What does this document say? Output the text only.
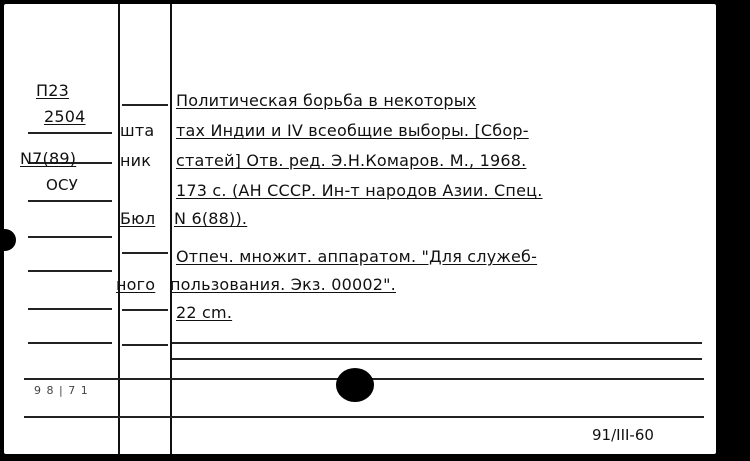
П23
2504
N7(89)
ОСУ
9 8 | 7 1
шта
ник
Бюл
ного
Политическая борьба в некоторых
тах Индии и IV всеобщие выборы. [Сбор-
статей] Отв. ред. Э.Н.Комаров. М., 1968.
173 с. (АН СССР. Ин-т народов Азии. Спец.
N 6(88)).
Отпеч. множит. аппаратом. "Для служеб-
пользования. Экз. 00002".
22 cm.
91/III-60
